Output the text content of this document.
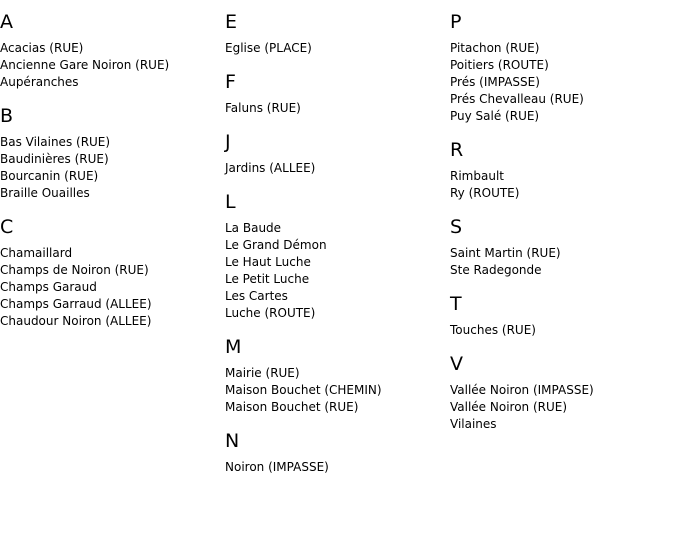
A
Acacias (RUE)
Ancienne Gare Noiron (RUE)
Aupéranches
B
Bas Vilaines (RUE)
Baudinières (RUE)
Bourcanin (RUE)
Braille Ouailles
C
Chamaillard
Champs de Noiron (RUE)
Champs Garaud
Champs Garraud (ALLEE)
Chaudour Noiron (ALLEE)
E
Eglise (PLACE)
F
Faluns (RUE)
J
Jardins (ALLEE)
L
La Baude
Le Grand Démon
Le Haut Luche
Le Petit Luche
Les Cartes
Luche (ROUTE)
M
Mairie (RUE)
Maison Bouchet (CHEMIN)
Maison Bouchet (RUE)
N
Noiron (IMPASSE)
P
Pitachon (RUE)
Poitiers (ROUTE)
Prés (IMPASSE)
Prés Chevalleau (RUE)
Puy Salé (RUE)
R
Rimbault
Ry (ROUTE)
S
Saint Martin (RUE)
Ste Radegonde
T
Touches (RUE)
V
Vallée Noiron (IMPASSE)
Vallée Noiron (RUE)
Vilaines
